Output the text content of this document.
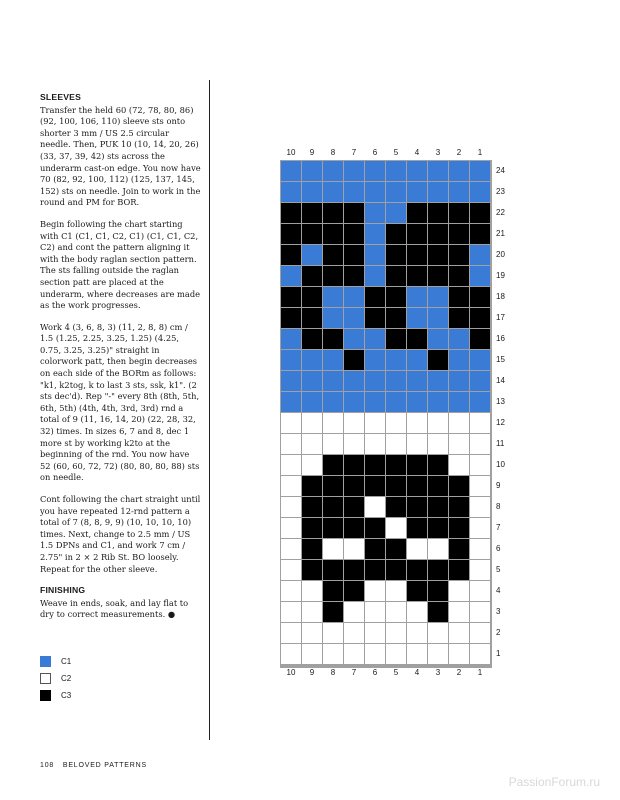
SLEEVES

Transfer the held 60 (72, 78, 80, 86) (92, 100, 106, 110) sleeve sts onto shorter 3 mm / US 2.5 circular needle. Then, PUK 10 (10, 14, 20, 26) (33, 37, 39, 42) sts across the underarm cast-on edge. You now have 70 (82, 92, 100, 112) (125, 137, 145, 152) sts on needle. Join to work in the round and PM for BOR.

Begin following the chart starting with C1 (C1, C1, C2, C1) (C1, C1, C2, C2) and cont the pattern aligning it with the body raglan section pattern. The sts falling outside the raglan section patt are placed at the underarm, where decreases are made as the work progresses.

Work 4 (3, 6, 8, 3) (11, 2, 8, 8) cm / 1.5 (1.25, 2.25, 3.25, 1.25) (4.25, 0.75, 3.25, 3.25)" straight in colorwork patt, then begin decreases on each side of the BORm as follows: "k1, k2tog, k to last 3 sts, ssk, k1". (2 sts dec'd). Rep "-" every 8th (8th, 5th, 6th, 5th) (4th, 4th, 3rd, 3rd) rnd a total of 9 (11, 16, 14, 20) (22, 28, 32, 32) times. In sizes 6, 7 and 8, dec 1 more st by working k2to at the beginning of the rnd. You now have 52 (60, 60, 72, 72) (80, 80, 80, 88) sts on needle.

Cont following the chart straight until you have repeated 12-rnd pattern a total of 7 (8, 8, 9, 9) (10, 10, 10, 10) times. Next, change to 2.5 mm / US 1.5 DPNs and C1, and work 7 cm / 2.75" in 2 × 2 Rib St. BO loosely. Repeat for the other sleeve.

FINISHING

Weave in ends, soak, and lay flat to dry to correct measurements. ●

C1
C2
C3
10
10
9
9
8
8
7
7
6
6
5
5
4
4
3
3
2
2
1
1
24
23
22
21
20
19
18
17
16
15
14
13
12
11
10
9
8
7
6
5
4
3
2
1
108 BELOVED PATTERNS
PassionForum.ru
